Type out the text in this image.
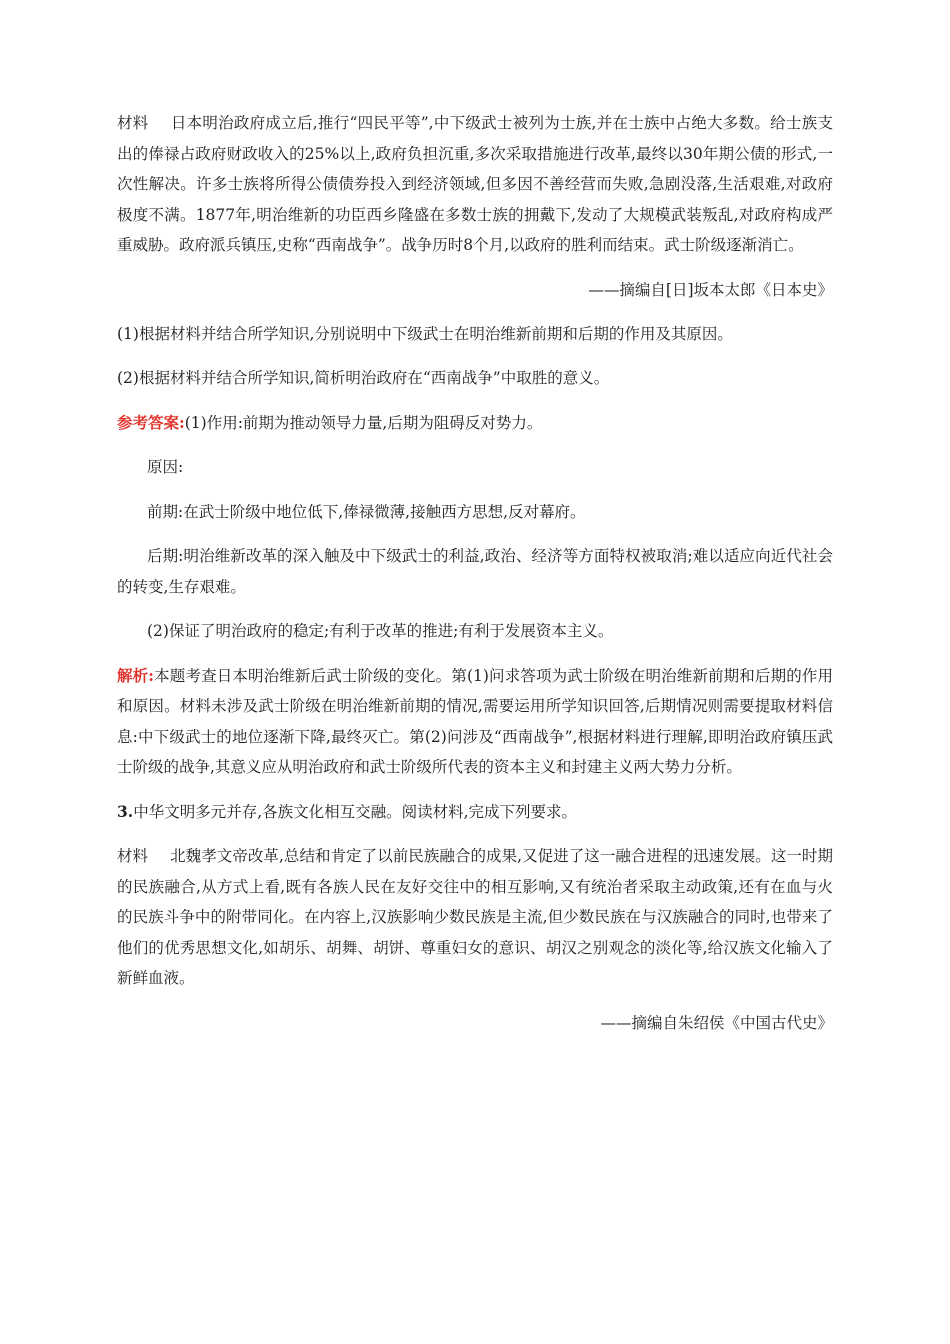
材料 日本明治政府成立后,推行“四民平等”,中下级武士被列为士族,并在士族中占绝大多数。给士族支出的俸禄占政府财政收入的25%以上,政府负担沉重,多次采取措施进行改革,最终以30年期公债的形式,一次性解决。许多士族将所得公债债券投入到经济领域,但多因不善经营而失败,急剧没落,生活艰难,对政府极度不满。1877年,明治维新的功臣西乡隆盛在多数士族的拥戴下,发动了大规模武装叛乱,对政府构成严重威胁。政府派兵镇压,史称“西南战争”。战争历时8个月,以政府的胜利而结束。武士阶级逐渐消亡。

——摘编自[日]坂本太郎《日本史》

(1)根据材料并结合所学知识,分别说明中下级武士在明治维新前期和后期的作用及其原因。

(2)根据材料并结合所学知识,简析明治政府在“西南战争”中取胜的意义。

参考答案:(1)作用:前期为推动领导力量,后期为阻碍反对势力。

原因:

前期:在武士阶级中地位低下,俸禄微薄,接触西方思想,反对幕府。

后期:明治维新改革的深入触及中下级武士的利益,政治、经济等方面特权被取消;难以适应向近代社会的转变,生存艰难。

(2)保证了明治政府的稳定;有利于改革的推进;有利于发展资本主义。

解析:本题考查日本明治维新后武士阶级的变化。第(1)问求答项为武士阶级在明治维新前期和后期的作用和原因。材料未涉及武士阶级在明治维新前期的情况,需要运用所学知识回答,后期情况则需要提取材料信息:中下级武士的地位逐渐下降,最终灭亡。第(2)问涉及“西南战争”,根据材料进行理解,即明治政府镇压武士阶级的战争,其意义应从明治政府和武士阶级所代表的资本主义和封建主义两大势力分析。

3.中华文明多元并存,各族文化相互交融。阅读材料,完成下列要求。

材料 北魏孝文帝改革,总结和肯定了以前民族融合的成果,又促进了这一融合进程的迅速发展。这一时期的民族融合,从方式上看,既有各族人民在友好交往中的相互影响,又有统治者采取主动政策,还有在血与火的民族斗争中的附带同化。在内容上,汉族影响少数民族是主流,但少数民族在与汉族融合的同时,也带来了他们的优秀思想文化,如胡乐、胡舞、胡饼、尊重妇女的意识、胡汉之别观念的淡化等,给汉族文化输入了新鲜血液。

——摘编自朱绍侯《中国古代史》
